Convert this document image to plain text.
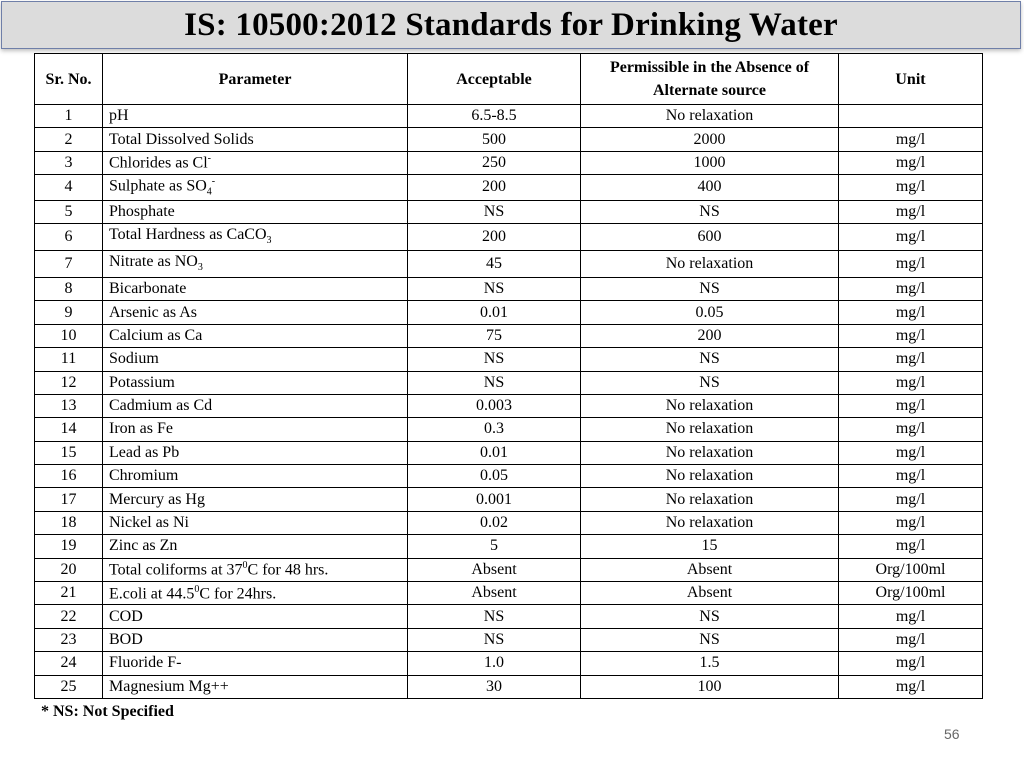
IS: 10500:2012 Standards for Drinking Water
Sr. No.	Parameter	Acceptable	Permissible in the Absence of Alternate source	Unit
1	pH	6.5-8.5	No relaxation	
2	Total Dissolved Solids	500	2000	mg/l
3	Chlorides as Cl-	250	1000	mg/l
4	Sulphate as $SO_4^-$	200	400	mg/l
5	Phosphate	NS	NS	mg/l
6	Total Hardness as CaCO$_3$	200	600	mg/l
7	Nitrate as $NO_3$	45	No relaxation	mg/l
8	Bicarbonate	NS	NS	mg/l
9	Arsenic as As	0.01	0.05	mg/l
10	Calcium as Ca	75	200	mg/l
11	Sodium	NS	NS	mg/l
12	Potassium	NS	NS	mg/l
13	Cadmium as Cd	0.003	No relaxation	mg/l
14	Iron as Fe	0.3	No relaxation	mg/l
15	Lead as Pb	0.01	No relaxation	mg/l
16	Chromium	0.05	No relaxation	mg/l
17	Mercury as Hg	0.001	No relaxation	mg/l
18	Nickel as Ni	0.02	No relaxation	mg/l
19	Zinc as Zn	5	15	mg/l
20	Total coliforms at $37^0C$ for 48 hrs.	Absent	Absent	Org/100ml
21	E.coli at 44.5$^0$C for 24hrs.	Absent	Absent	Org/100ml
22	COD	NS	NS	mg/l
23	BOD	NS	NS	mg/l
24	Fluoride F-	1.0	1.5	mg/l
25	Magnesium Mg++	30	100	mg/l
* NS: Not Specified
56
